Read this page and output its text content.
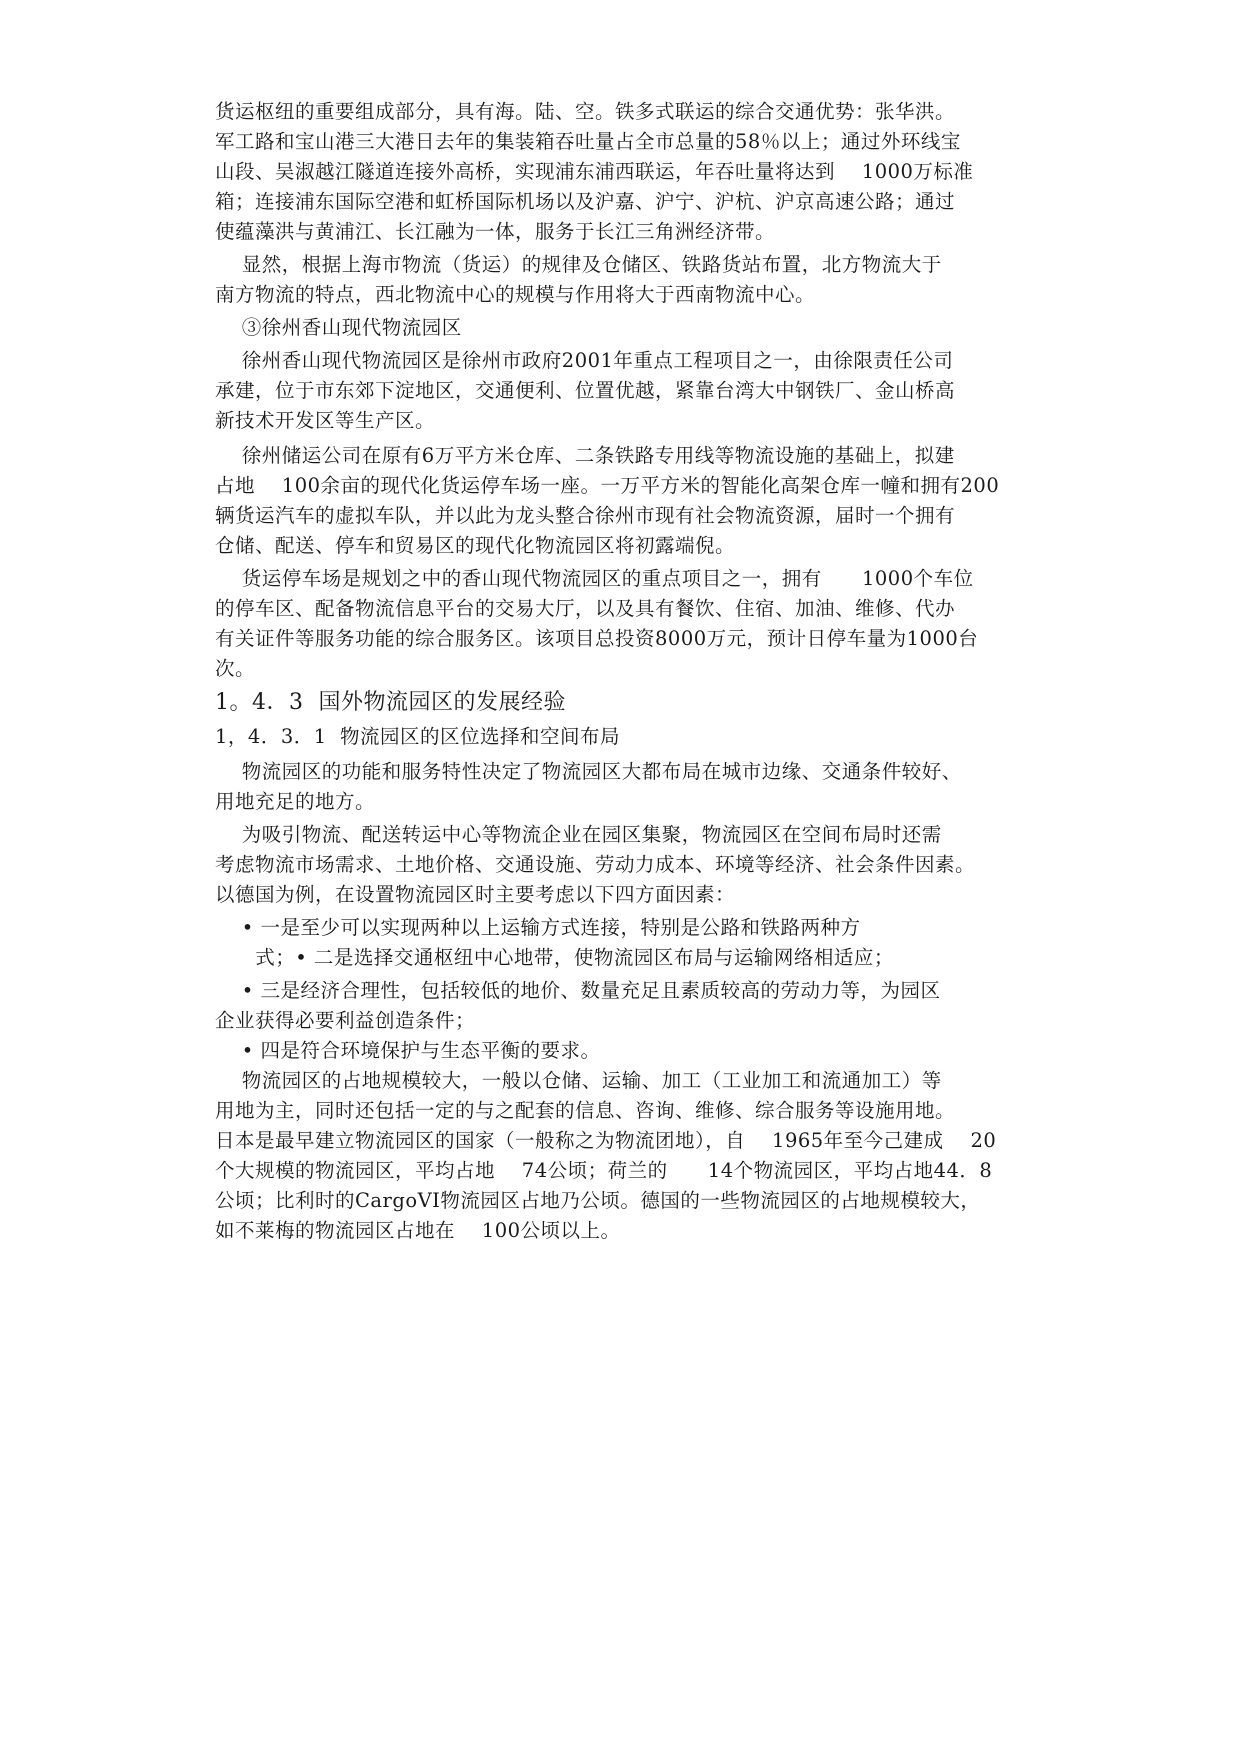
货运枢纽的重要组成部分，具有海。陆、空。铁多式联运的综合交通优势：张华洪。
军工路和宝山港三大港日去年的集装箱吞吐量占全市总量的58％以上；通过外环线宝
山段、吴淑越江隧道连接外高桥，实现浦东浦西联运，年吞吐量将达到    1000万标准
箱；连接浦东国际空港和虹桥国际机场以及沪嘉、沪宁、沪杭、沪京高速公路；通过
使蕴藻洪与黄浦江、长江融为一体，服务于长江三角洲经济带。
显然，根据上海市物流（货运）的规律及仓储区、铁路货站布置，北方物流大于
南方物流的特点，西北物流中心的规模与作用将大于西南物流中心。
③徐州香山现代物流园区
徐州香山现代物流园区是徐州市政府2001年重点工程项目之一，由徐限责任公司
承建，位于市东郊下淀地区，交通便利、位置优越，紧靠台湾大中钢铁厂、金山桥高
新技术开发区等生产区。
徐州储运公司在原有6万平方米仓库、二条铁路专用线等物流设施的基础上，拟建
占地    100余亩的现代化货运停车场一座。一万平方米的智能化高架仓库一幢和拥有200
辆货运汽车的虚拟车队，并以此为龙头整合徐州市现有社会物流资源，届时一个拥有
仓储、配送、停车和贸易区的现代化物流园区将初露端倪。
货运停车场是规划之中的香山现代物流园区的重点项目之一，拥有      1000个车位
的停车区、配备物流信息平台的交易大厅，以及具有餐饮、住宿、加油、维修、代办
有关证件等服务功能的综合服务区。该项目总投资8000万元，预计日停车量为1000台
次。
1。4．3  国外物流园区的发展经验
1，4．3．1  物流园区的区位选择和空间布局
物流园区的功能和服务特性决定了物流园区大都布局在城市边缘、交通条件较好、
用地充足的地方。
为吸引物流、配送转运中心等物流企业在园区集聚，物流园区在空间布局时还需
考虑物流市场需求、土地价格、交通设施、劳动力成本、环境等经济、社会条件因素。
以德国为例，在设置物流园区时主要考虑以下四方面因素：
• 一是至少可以实现两种以上运输方式连接，特别是公路和铁路两种方
式；• 二是选择交通枢纽中心地带，使物流园区布局与运输网络相适应；
• 三是经济合理性，包括较低的地价、数量充足且素质较高的劳动力等，为园区
企业获得必要利益创造条件；
• 四是符合环境保护与生态平衡的要求。
物流园区的占地规模较大，一般以仓储、运输、加工（工业加工和流通加工）等
用地为主，同时还包括一定的与之配套的信息、咨询、维修、综合服务等设施用地。
日本是最早建立物流园区的国家（一般称之为物流团地），自    1965年至今己建成    20
个大规模的物流园区，平均占地    74公顷；荷兰的      14个物流园区，平均占地44．8
公顷；比利时的CargoVI物流园区占地乃公顷。德国的一些物流园区的占地规模较大，
如不莱梅的物流园区占地在    100公顷以上。
